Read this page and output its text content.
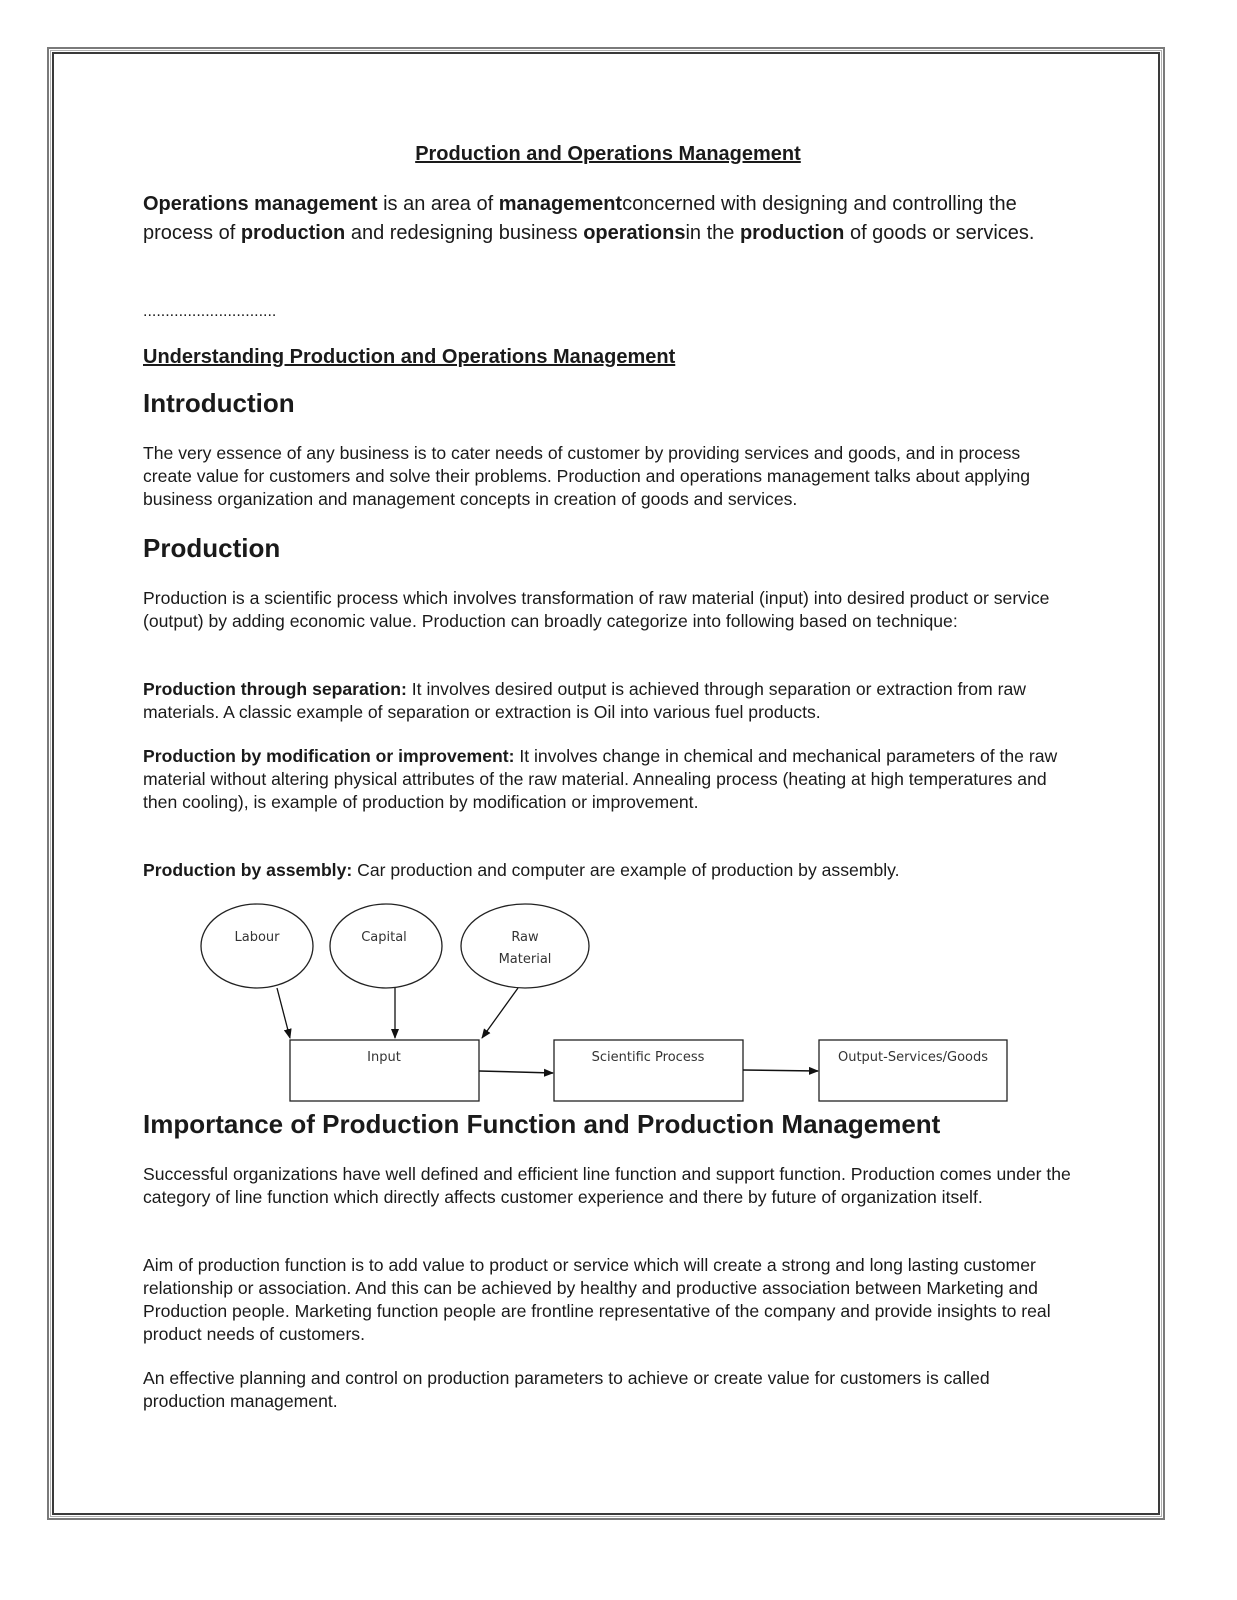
Production and Operations Management
Operations management is an area of managementconcerned with designing and controlling the process of production and redesigning business operationsin the production of goods or services.
..............................
Understanding Production and Operations Management
Introduction
The very essence of any business is to cater needs of customer by providing services and goods, and in process create value for customers and solve their problems. Production and operations management talks about applying business organization and management concepts in creation of goods and services.
Production
Production is a scientific process which involves transformation of raw material (input) into desired product or service (output) by adding economic value. Production can broadly categorize into following based on technique:
Production through separation: It involves desired output is achieved through separation or extraction from raw materials. A classic example of separation or extraction is Oil into various fuel products.
Production by modification or improvement: It involves change in chemical and mechanical parameters of the raw material without altering physical attributes of the raw material. Annealing process (heating at high temperatures and then cooling), is example of production by modification or improvement.
Production by assembly: Car production and computer are example of production by assembly.
Importance of Production Function and Production Management
Successful organizations have well defined and efficient line function and support function. Production comes under the category of line function which directly affects customer experience and there by future of organization itself.
Aim of production function is to add value to product or service which will create a strong and long lasting customer relationship or association. And this can be achieved by healthy and productive association between Marketing and Production people. Marketing function people are frontline representative of the company and provide insights to real product needs of customers.
An effective planning and control on production parameters to achieve or create value for customers is called production management.
Labour	Capital	Raw
Material
Input	Scientific Process	Output-Services/Goods
